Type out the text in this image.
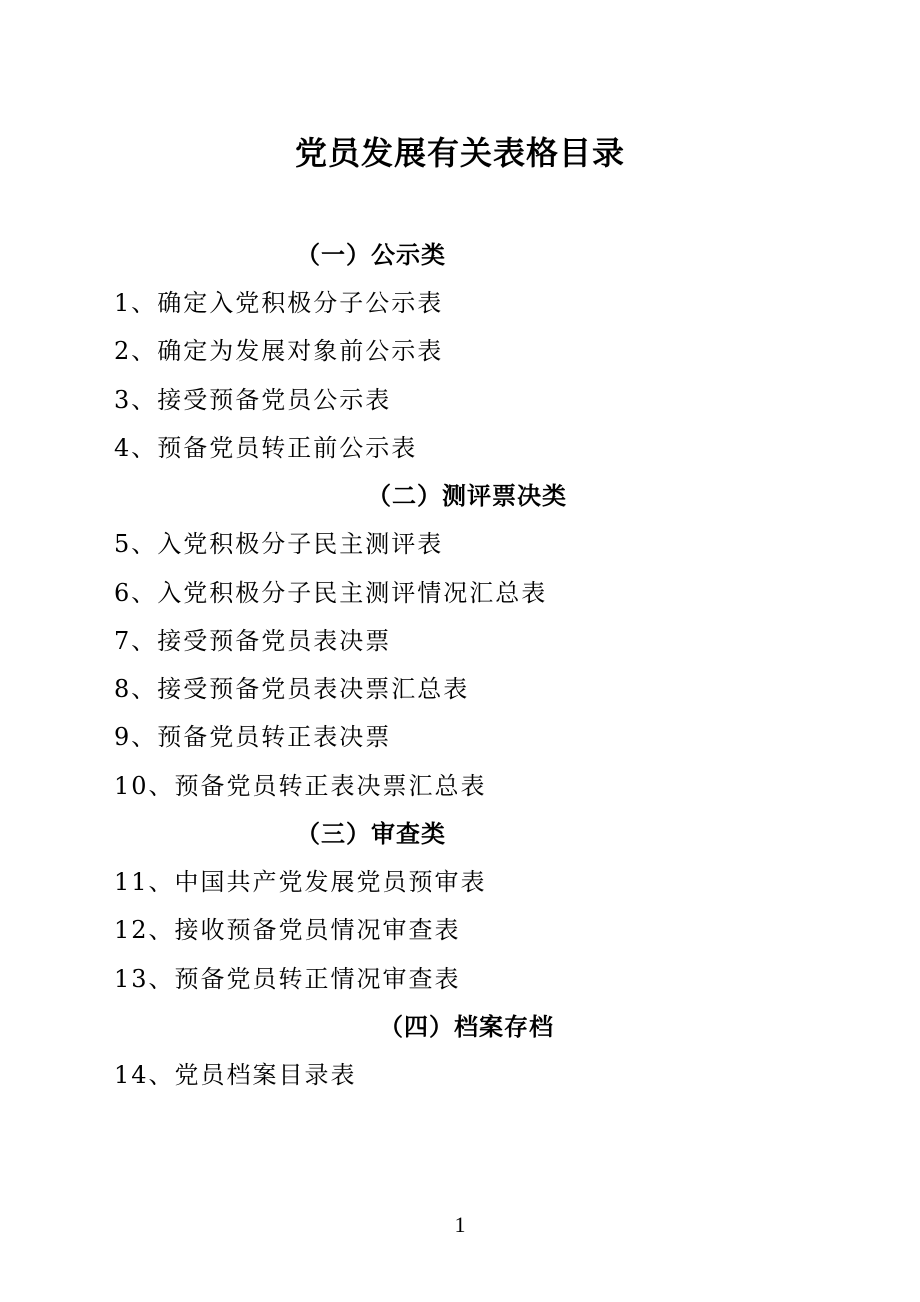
党员发展有关表格目录
（一）公示类
1、确定入党积极分子公示表
2、确定为发展对象前公示表
3、接受预备党员公示表
4、预备党员转正前公示表
（二）测评票决类
5、入党积极分子民主测评表
6、入党积极分子民主测评情况汇总表
7、接受预备党员表决票
8、接受预备党员表决票汇总表
9、预备党员转正表决票
10、预备党员转正表决票汇总表
（三）审查类
11、中国共产党发展党员预审表
12、接收预备党员情况审查表
13、预备党员转正情况审查表
（四）档案存档
14、党员档案目录表
1
